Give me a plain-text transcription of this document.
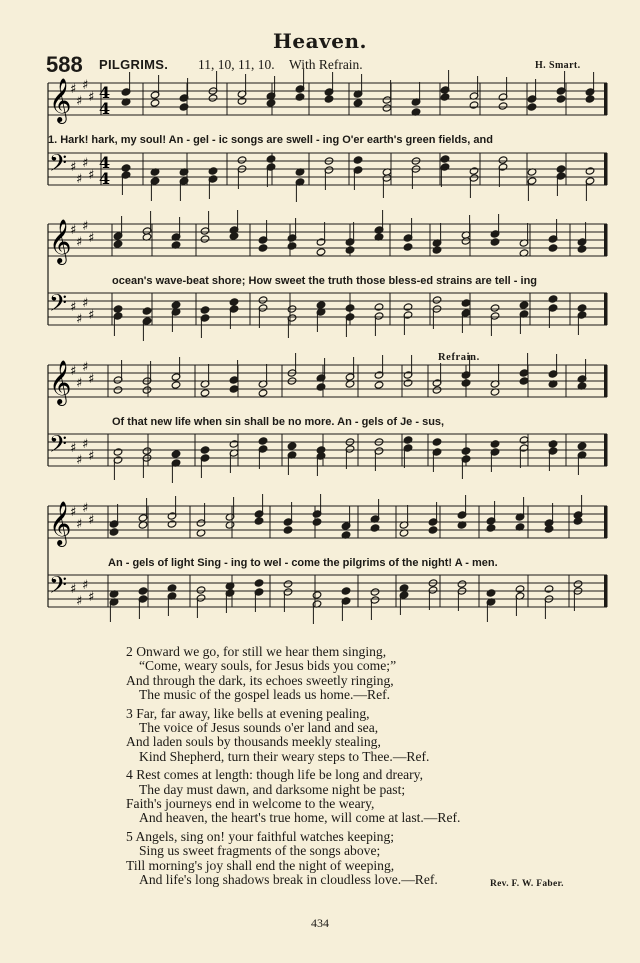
Heaven.
588 PILGRIMS. 11, 10, 11, 10. With Refrain.	H. Smart.
𝄞
♯
♯
♯
♯ 4
4
𝄢 ♯
♯
♯
♯
4
4
𝄞
♯
♯
♯
♯
𝄢 ♯
♯
♯
♯
𝄞
♯
♯
♯
♯
𝄢 ♯
♯
♯
♯
𝄞
♯
♯
♯
♯
𝄢 ♯
♯
♯
♯
1. Hark! hark, my soul! An - gel - ic songs are swell - ing O'er earth's green fields, and
ocean's wave-beat shore; How sweet the truth those bless-ed strains are tell - ing
Of that new life when sin shall be no more. An - gels of Je - sus,
An - gels of light Sing - ing to wel - come the pilgrims of the night! A - men.
Refrain.
2 Onward we go, for still we hear them singing,
“Come, weary souls, for Jesus bids you come;”
And through the dark, its echoes sweetly ringing,
The music of the gospel leads us home.—Ref.
3 Far, far away, like bells at evening pealing,
The voice of Jesus sounds o'er land and sea,
And laden souls by thousands meekly stealing,
Kind Shepherd, turn their weary steps to Thee.—Ref.
4 Rest comes at length: though life be long and dreary,
The day must dawn, and darksome night be past;
Faith's journeys end in welcome to the weary,
And heaven, the heart's true home, will come at last.—Ref.
5 Angels, sing on! your faithful watches keeping;
Sing us sweet fragments of the songs above;
Till morning's joy shall end the night of weeping,
And life's long shadows break in cloudless love.—Ref.	Rev. F. W. Faber.
434
